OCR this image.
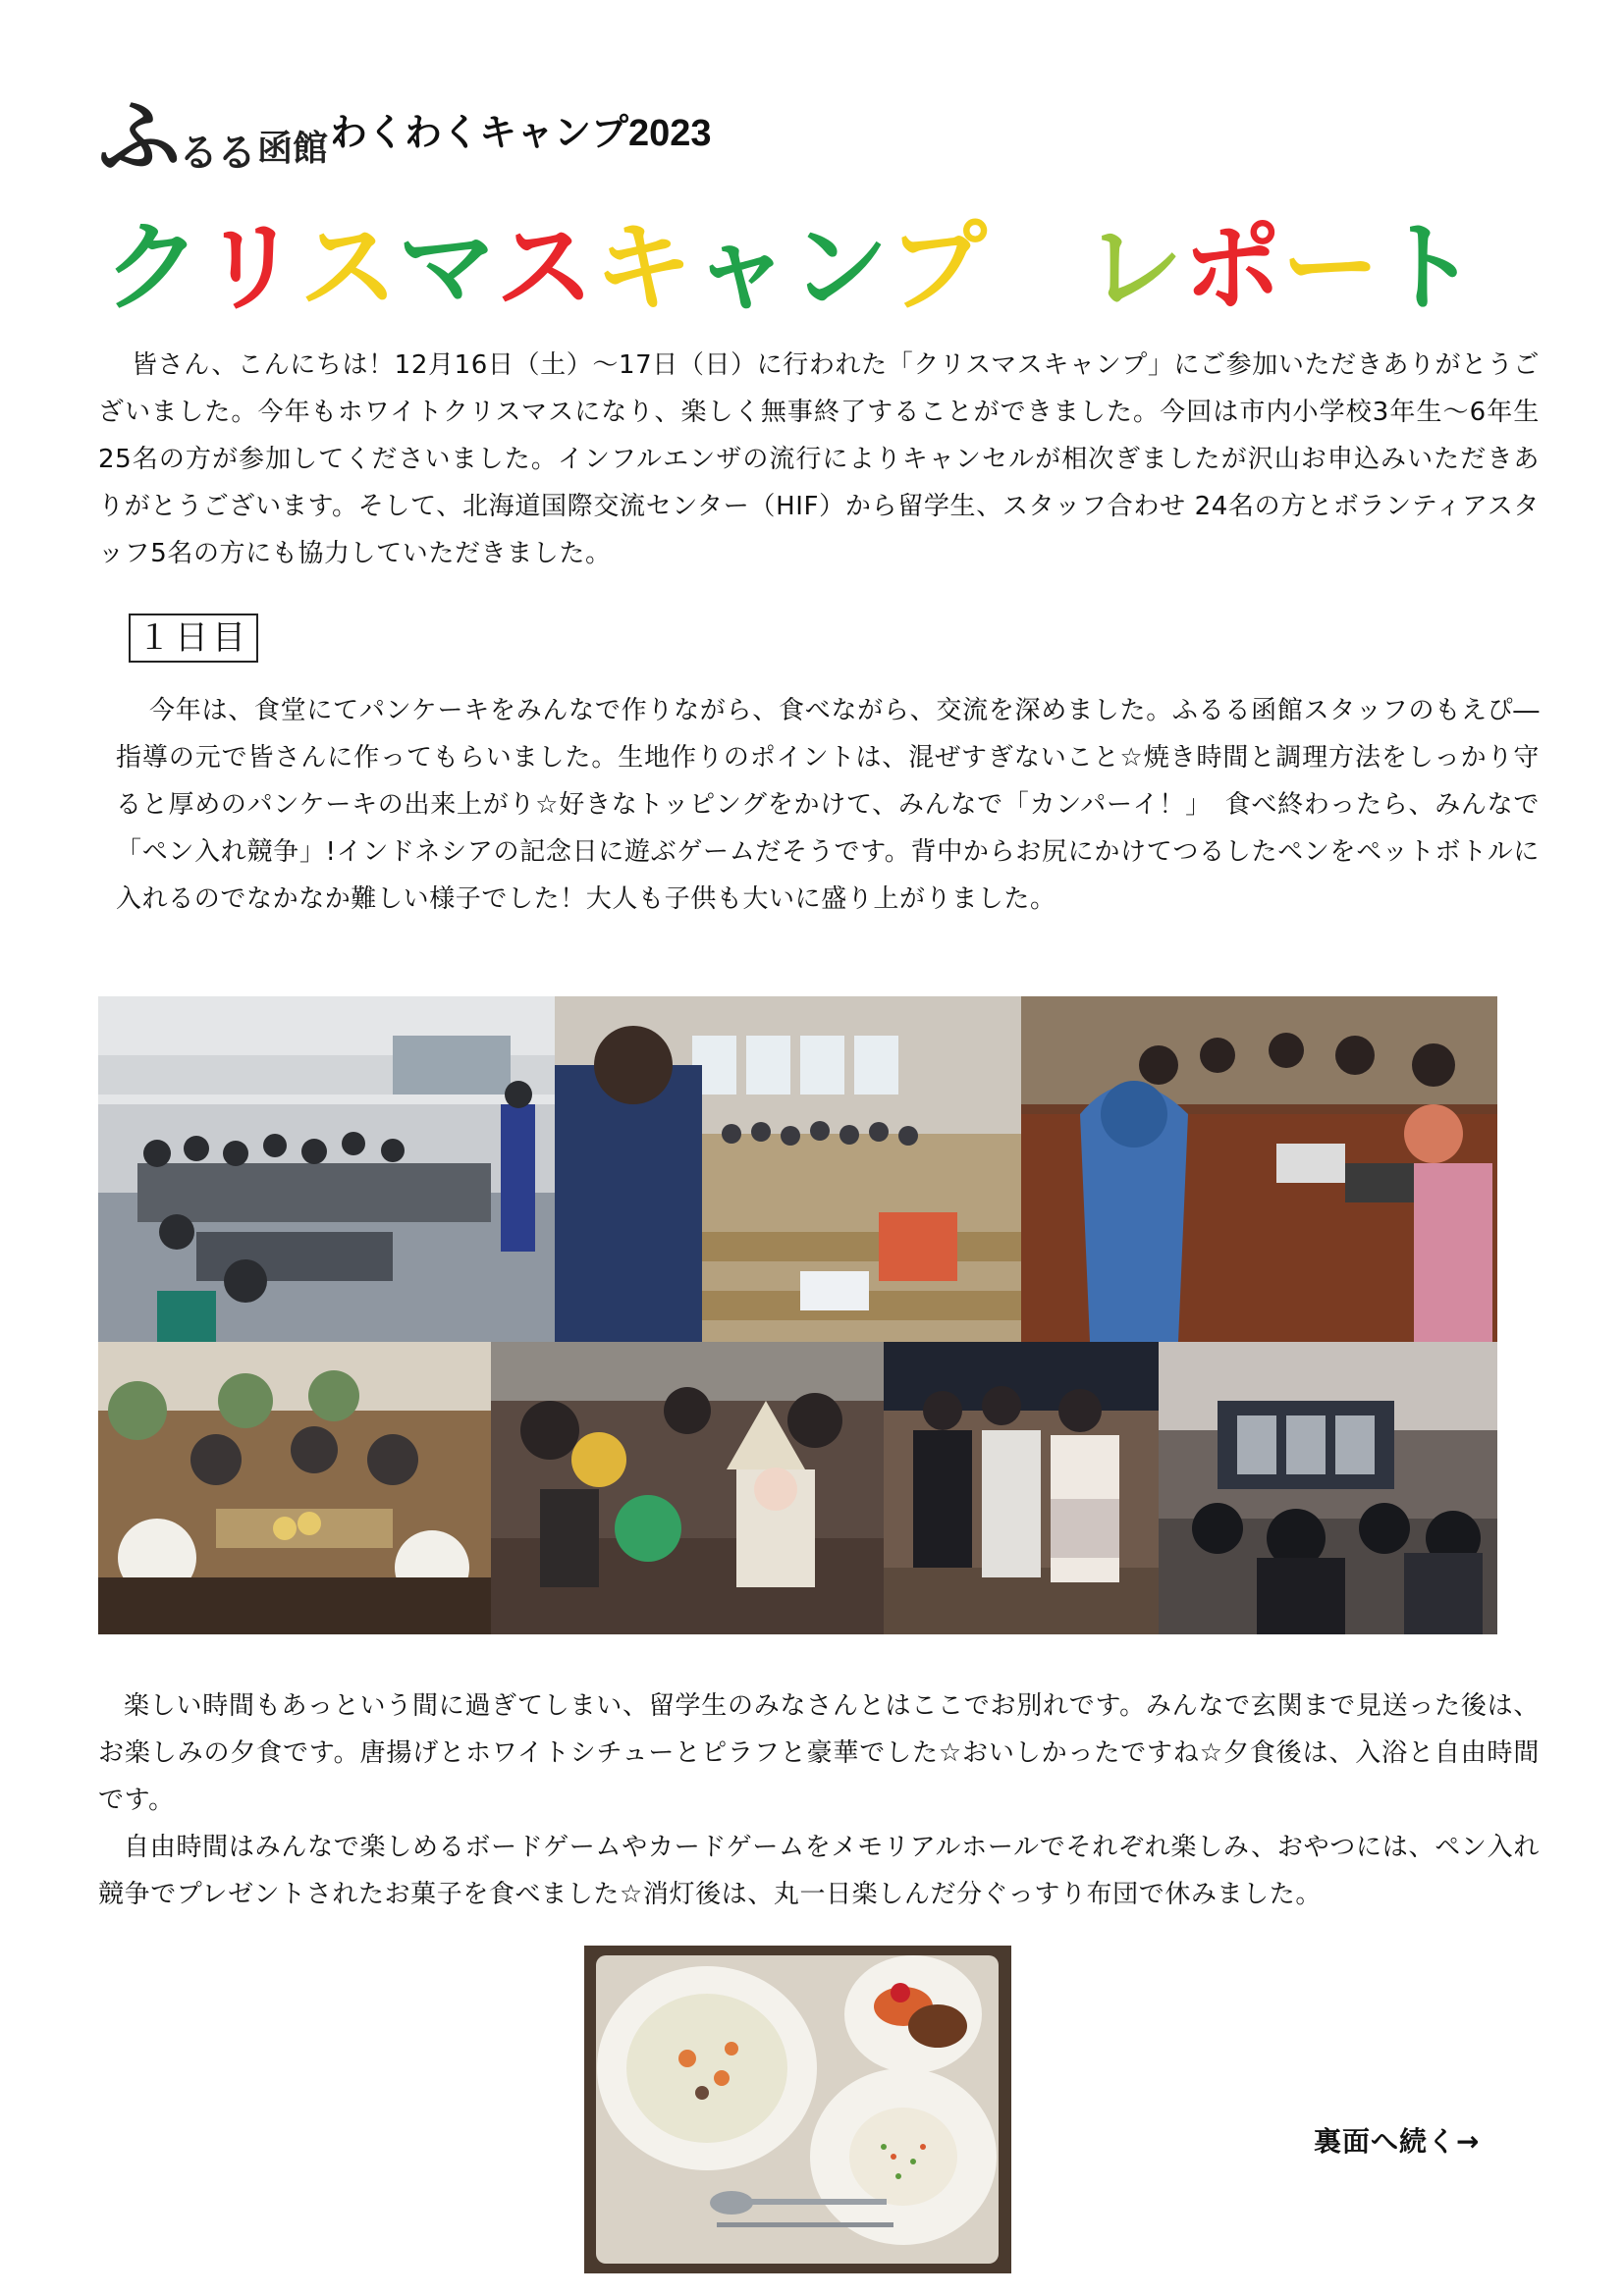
ふ るる 函館 わくわくキャンプ2023
クリスマスキャンプ　 レポート
皆さん、こんにちは！12月16日（土）～17日（日）に行われた「クリスマスキャンプ」にご参加いただきありがとうございました。今年もホワイトクリスマスになり、楽しく無事終了することができました。今回は市内小学校3年生～6年生25名の方が参加してくださいました。インフルエンザの流行によりキャンセルが相次ぎましたが沢山お申込みいただきありがとうございます。そして、北海道国際交流センター（HIF）から留学生、スタッフ合わせ 24名の方とボランティアスタッフ5名の方にも協力していただきました。
１日目
今年は、食堂にてパンケーキをみんなで作りながら、食べながら、交流を深めました。ふるる函館スタッフのもえぴ―指導の元で皆さんに作ってもらいました。生地作りのポイントは、混ぜすぎないこと☆焼き時間と調理方法をしっかり守ると厚めのパンケーキの出来上がり☆好きなトッピングをかけて、みんなで「カンパーイ！」　食べ終わったら、みんなで「ペン入れ競争」!インドネシアの記念日に遊ぶゲームだそうです。背中からお尻にかけてつるしたペンをペットボトルに入れるのでなかなか難しい様子でした！大人も子供も大いに盛り上がりました。
楽しい時間もあっという間に過ぎてしまい、留学生のみなさんとはここでお別れです。みんなで玄関まで見送った後は、お楽しみの夕食です。唐揚げとホワイトシチューとピラフと豪華でした☆おいしかったですね☆夕食後は、入浴と自由時間です。
自由時間はみんなで楽しめるボードゲームやカードゲームをメモリアルホールでそれぞれ楽しみ、おやつには、ペン入れ競争でプレゼントされたお菓子を食べました☆消灯後は、丸一日楽しんだ分ぐっすり布団で休みました。
裏面へ続く→
